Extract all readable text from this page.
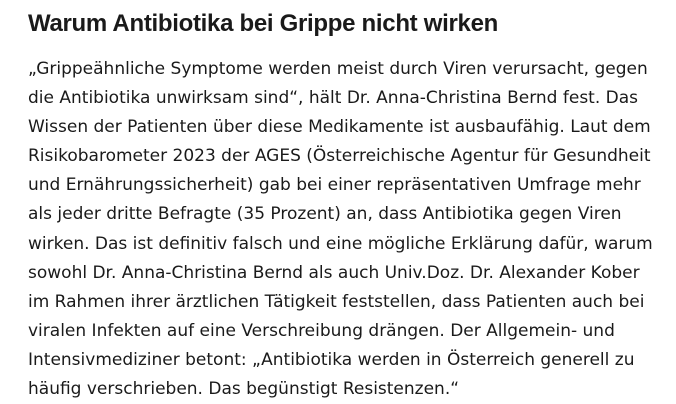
Warum Antibiotika bei Grippe nicht wirken

„Grippeähnliche Symptome werden meist durch Viren verursacht, gegen
die Antibiotika unwirksam sind“, hält Dr. Anna-Christina Bernd fest. Das
Wissen der Patienten über diese Medikamente ist ausbaufähig. Laut dem
Risikobarometer 2023 der AGES (Österreichische Agentur für Gesundheit
und Ernährungssicherheit) gab bei einer repräsentativen Umfrage mehr
als jeder dritte Befragte (35 Prozent) an, dass Antibiotika gegen Viren
wirken. Das ist definitiv falsch und eine mögliche Erklärung dafür, warum
sowohl Dr. Anna-Christina Bernd als auch Univ.Doz. Dr. Alexander Kober
im Rahmen ihrer ärztlichen Tätigkeit feststellen, dass Patienten auch bei
viralen Infekten auf eine Verschreibung drängen. Der Allgemein- und
Intensivmediziner betont: „Antibiotika werden in Österreich generell zu
häufig verschrieben. Das begünstigt Resistenzen.“
